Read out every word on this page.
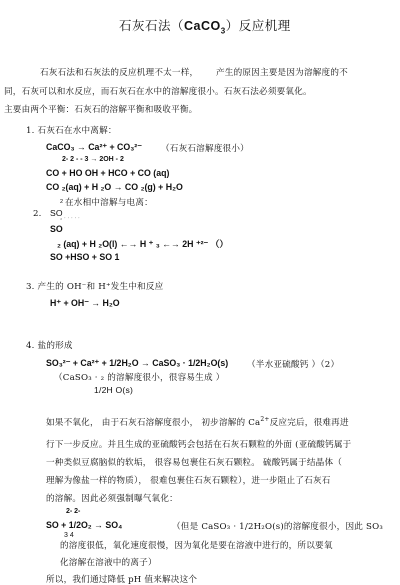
石灰石法（CaCO$_3$）反应机理
石灰石法和石灰法的反应机理不太一样， 产生的原因主要是因为溶解度的不
同，石灰可以和水反应，而石灰石在水中的溶解度很小。石灰石法必须要氧化。
主要由两个平衡：石灰石的溶解平衡和吸收平衡。
1. 石灰石在水中离解：
CaCO₃ → Ca²⁺ + CO₃²⁻ （石灰石溶解度很小）
2- 2 - - 3 → 2OH - 2
CO + HO OH + HCO + CO (aq)
CO ₂(aq) + H ₂O → CO ₂(g) + H₂O
2 在水相中溶解与电离：
2. SO
₂ · · · · ·
SO
₂ (aq) + H ₂O(l) ←→ H ⁺ ₃ ←→ 2H ⁺²⁻ （）
SO +HSO + SO 1
3. 产生的 OH⁻和 H⁺发生中和反应
H⁺ + OH⁻ → H₂O
4. 盐的形成
SO₃²⁻ + Ca²⁺ + 1/2H₂O → CaSO₃ · 1/2H₂O(s) （半水亚硫酸钙 ）（2）
（CaSO₃ · ₂ 的溶解度很小，很容易生成 ）
1/2H O(s)
如果不氧化， 由于石灰石溶解度很小， 初步溶解的 $Ca^{2+}$反应完后，很难再进
行下一步反应。并且生成的亚硫酸钙会包括在石灰石颗粒的外面 (亚硫酸钙属于
一种类似豆腐脑似的软垢， 很容易包裹住石灰石颗粒。 硫酸钙属于结晶体（
理解为像盐一样的物质）， 很难包裹住石灰石颗粒），进一步阻止了石灰石
的溶解。因此必须强制曝气氧化：
2- 2-
SO + 1/2O₂ → SO₄	（但是 CaSO₃ · 1/2H₂O(s)的溶解度很小，因此 SO₃
3 4
的溶度很低，氧化速度很慢，因为氧化是要在溶液中进行的，所以要氧
化溶解在溶液中的离子）
所以，我们通过降低 pH 值来解决这个
